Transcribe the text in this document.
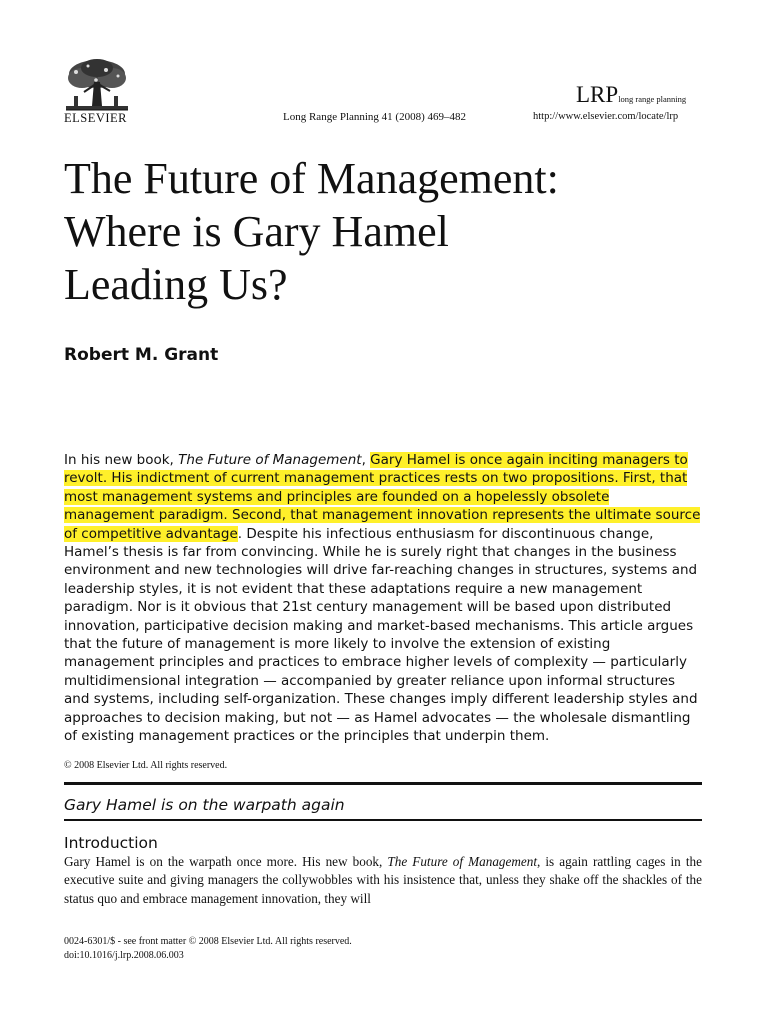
ELSEVIER	Long Range Planning 41 (2008) 469–482
LRPlong range planning
http://www.elsevier.com/locate/lrp
The Future of Management:
Where is Gary Hamel
Leading Us?
Robert M. Grant

In his new book, The Future of Management, Gary Hamel is once again inciting managers to revolt. His indictment of current management practices rests on two propositions. First, that most management systems and principles are founded on a hopelessly obsolete management paradigm. Second, that management innovation represents the ultimate source of competitive advantage. Despite his infectious enthusiasm for discontinuous change, Hamel’s thesis is far from convincing. While he is surely right that changes in the business environment and new technologies will drive far-reaching changes in structures, systems and leadership styles, it is not evident that these adaptations require a new management paradigm. Nor is it obvious that 21st century management will be based upon distributed innovation, participative decision making and market-based mechanisms. This article argues that the future of management is more likely to involve the extension of existing management principles and practices to embrace higher levels of complexity — particularly multidimensional integration — accompanied by greater reliance upon informal structures and systems, including self-organization. These changes imply different leadership styles and approaches to decision making, but not — as Hamel advocates — the wholesale dismantling of existing management practices or the principles that underpin them.

© 2008 Elsevier Ltd. All rights reserved.
Gary Hamel is on the warpath again
Introduction

Gary Hamel is on the warpath once more. His new book, The Future of Management, is again rattling cages in the executive suite and giving managers the collywobbles with his insistence that, unless they shake off the shackles of the status quo and embrace management innovation, they will

0024-6301/$ - see front matter © 2008 Elsevier Ltd. All rights reserved.
doi:10.1016/j.lrp.2008.06.003
